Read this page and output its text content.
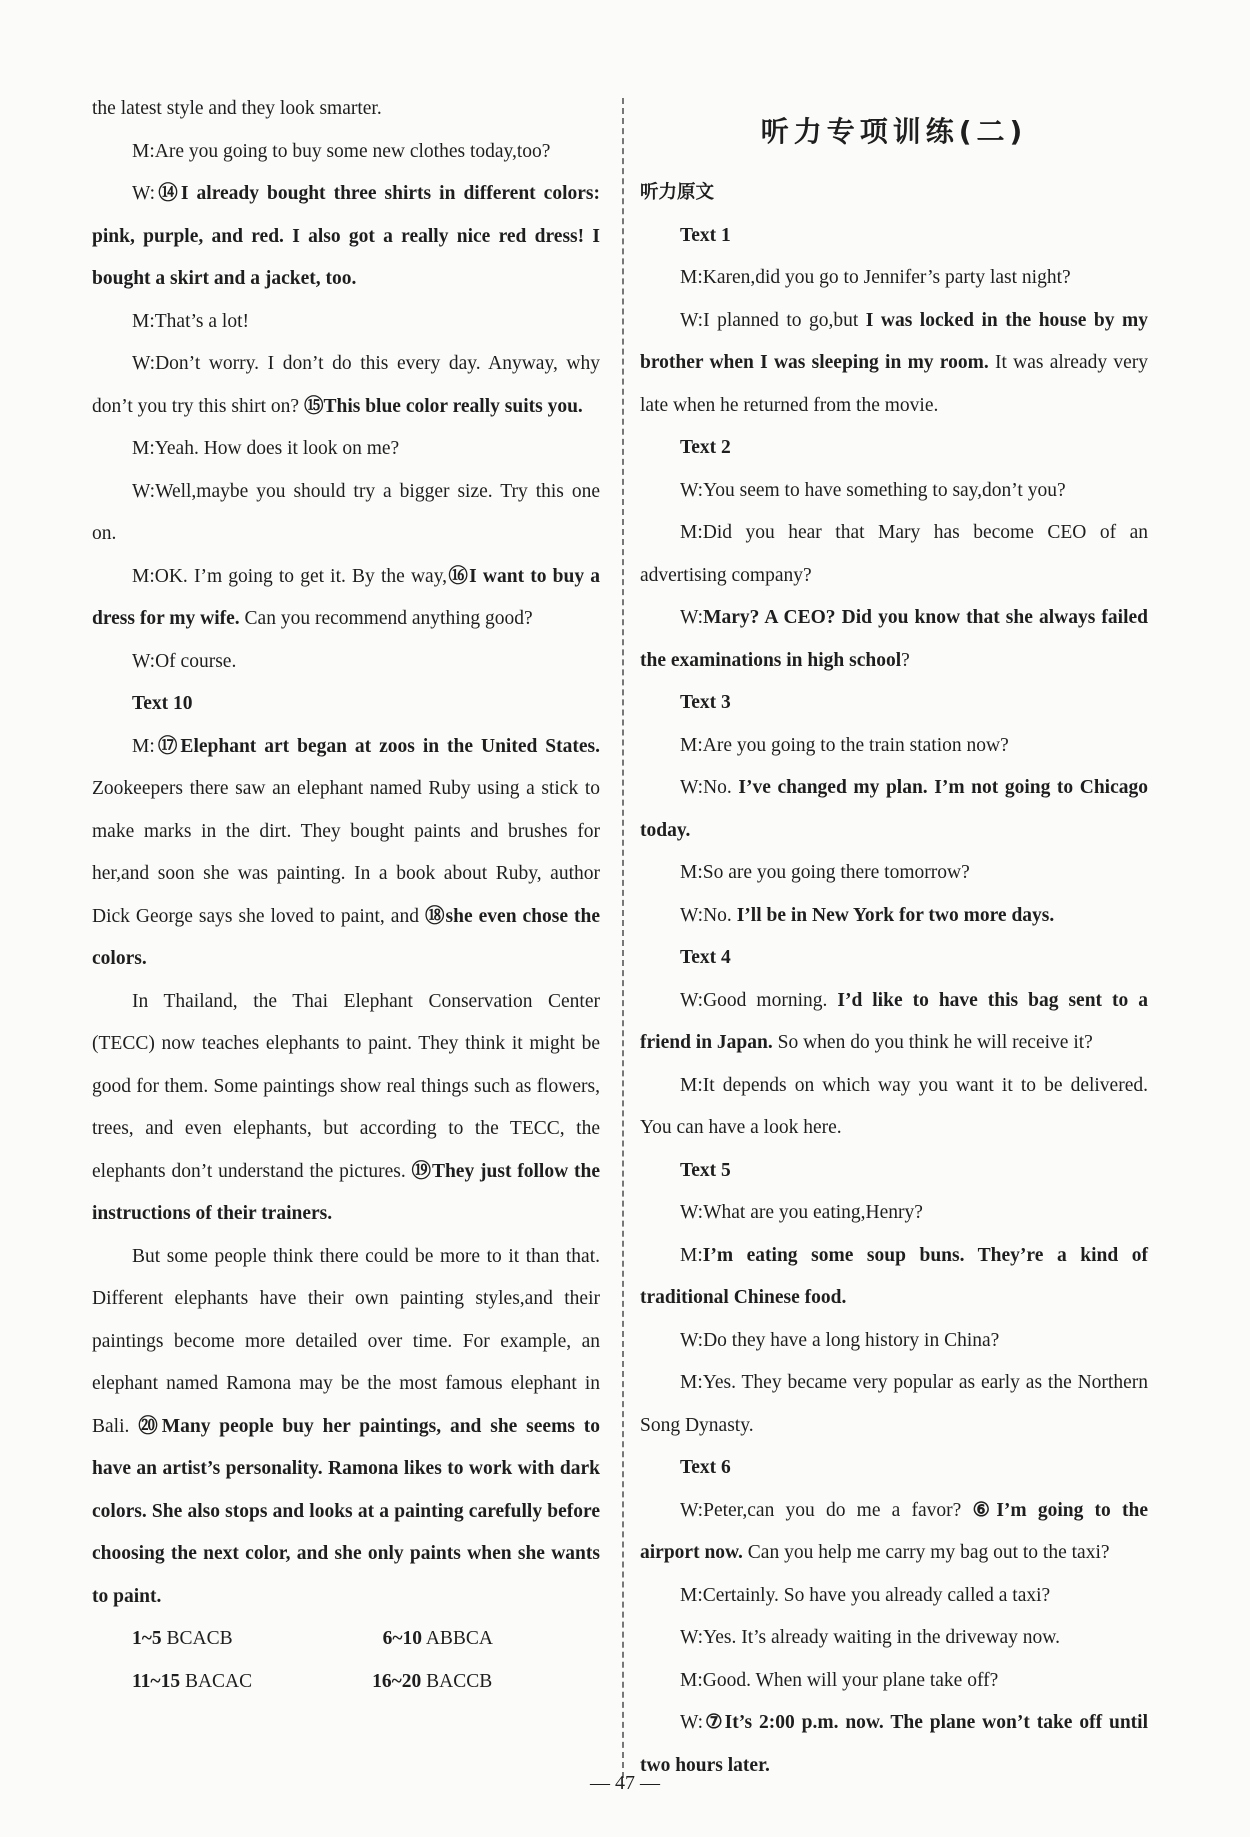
the latest style and they look smarter.

M:Are you going to buy some new clothes today,too?

W:⑭I already bought three shirts in different colors: pink, purple, and red. I also got a really nice red dress! I bought a skirt and a jacket, too.

M:That’s a lot!

W:Don’t worry. I don’t do this every day. Anyway, why don’t you try this shirt on? ⑮This blue color really suits you.

M:Yeah. How does it look on me?

W:Well,maybe you should try a bigger size. Try this one on.

M:OK. I’m going to get it. By the way,⑯I want to buy a dress for my wife. Can you recommend anything good?

W:Of course.

Text 10

M:⑰Elephant art began at zoos in the United States. Zookeepers there saw an elephant named Ruby using a stick to make marks in the dirt. They bought paints and brushes for her,and soon she was painting. In a book about Ruby, author Dick George says she loved to paint, and ⑱she even chose the colors.

In Thailand, the Thai Elephant Conservation Center (TECC) now teaches elephants to paint. They think it might be good for them. Some paintings show real things such as flowers, trees, and even elephants, but according to the TECC, the elephants don’t understand the pictures. ⑲They just follow the instructions of their trainers.

But some people think there could be more to it than that. Different elephants have their own painting styles,and their paintings become more detailed over time. For example, an elephant named Ramona may be the most famous elephant in Bali. ⑳Many people buy her paintings, and she seems to have an artist’s personality. Ramona likes to work with dark colors. She also stops and looks at a painting carefully before choosing the next color, and she only paints when she wants to paint.

1~5 BCACB	6~10 ABBCA
11~15 BACAC	16~20 BACCB
听力专项训练(二)
听力原文

Text 1

M:Karen,did you go to Jennifer’s party last night?

W:I planned to go,but I was locked in the house by my brother when I was sleeping in my room. It was already very late when he returned from the movie.

Text 2

W:You seem to have something to say,don’t you?

M:Did you hear that Mary has become CEO of an advertising company?

W:Mary? A CEO? Did you know that she always failed the examinations in high school?

Text 3

M:Are you going to the train station now?

W:No. I’ve changed my plan. I’m not going to Chicago today.

M:So are you going there tomorrow?

W:No. I’ll be in New York for two more days.

Text 4

W:Good morning. I’d like to have this bag sent to a friend in Japan. So when do you think he will receive it?

M:It depends on which way you want it to be delivered. You can have a look here.

Text 5

W:What are you eating,Henry?

M:I’m eating some soup buns. They’re a kind of traditional Chinese food.

W:Do they have a long history in China?

M:Yes. They became very popular as early as the Northern Song Dynasty.

Text 6

W:Peter,can you do me a favor? ⑥I’m going to the airport now. Can you help me carry my bag out to the taxi?

M:Certainly. So have you already called a taxi?

W:Yes. It’s already waiting in the driveway now.

M:Good. When will your plane take off?

W:⑦It’s 2:00 p.m. now. The plane won’t take off until two hours later.

— 47 —
